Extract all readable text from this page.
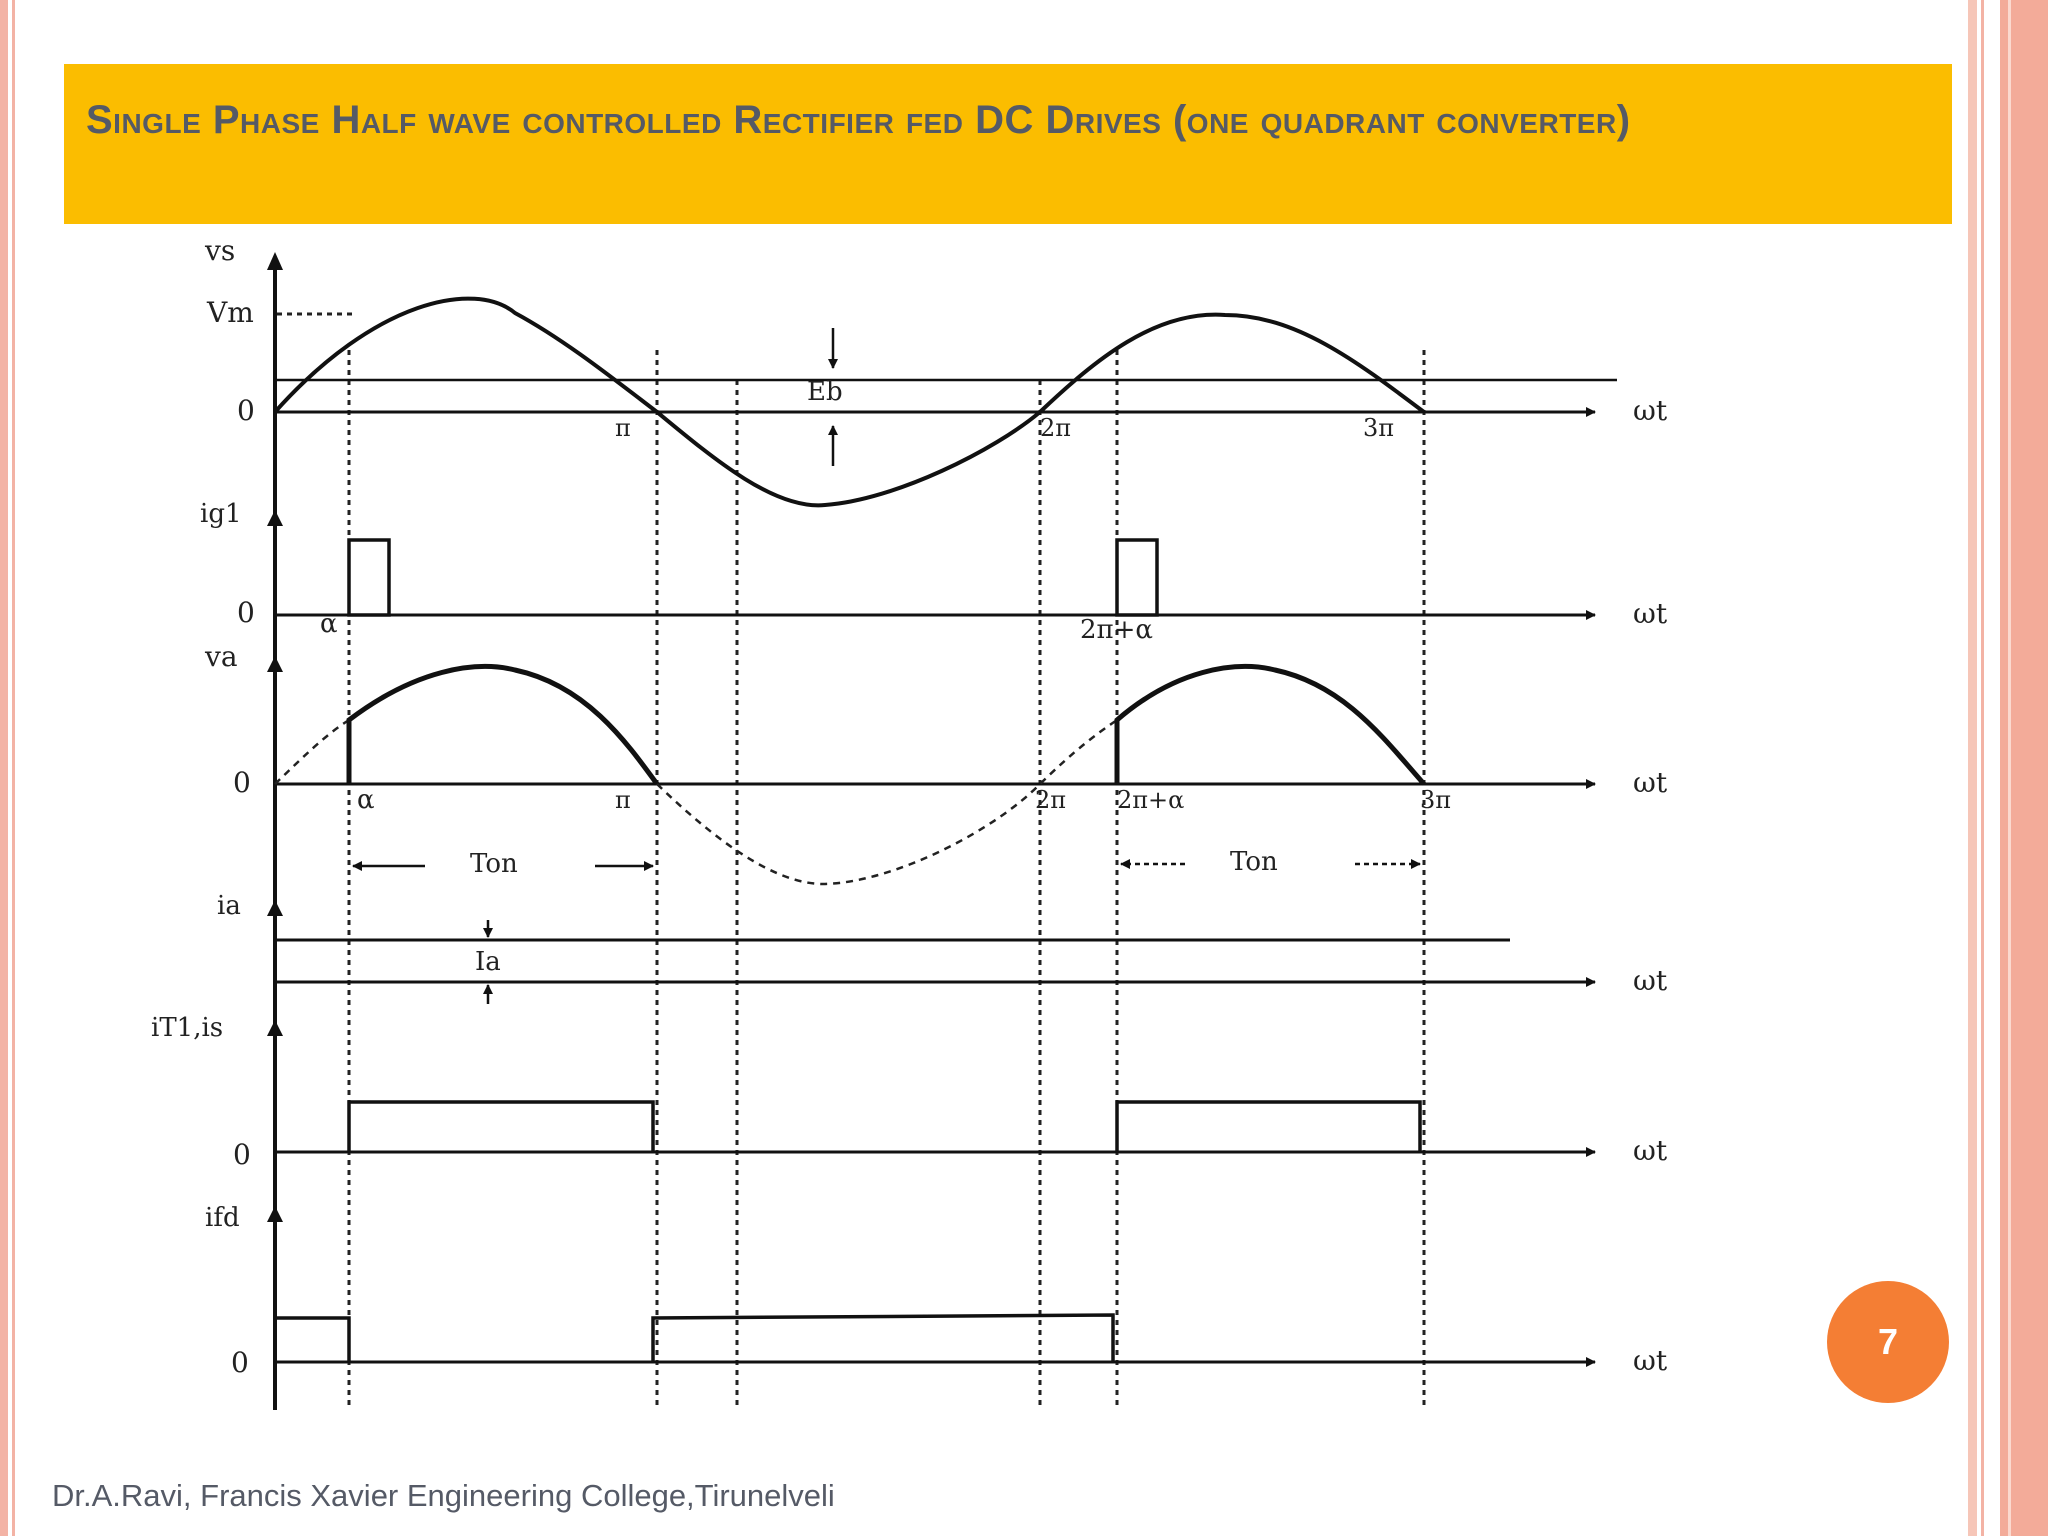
Single Phase Half wave controlled Rectifier fed DC Drives (one quadrant converter)
vs
Vm
0
Eb
π	2π	3π
ωt
ig1
0	α	2π+α	ωt
va
0
α	π	2π 2π+α	3π
ωt
Ton	Ton
ia
Ia
ωt
iT1,is
0	ωt
ifd
0	ωt	7
Dr.A.Ravi, Francis Xavier Engineering College,Tirunelveli
